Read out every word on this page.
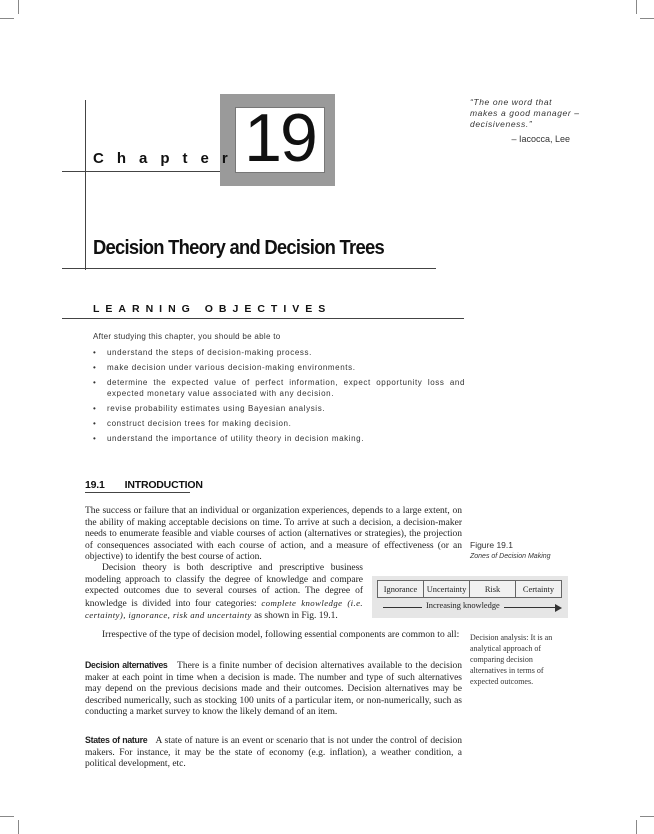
19
Chapter
“The one word that makes a good manager – decisiveness.”
– Iacocca, Lee
Decision Theory and Decision Trees
LEARNING OBJECTIVES
After studying this chapter, you should be able to
• understand the steps of decision-making process.
• make decision under various decision-making environments.
• determine the expected value of perfect information, expect opportunity loss and expected monetary value associated with any decision.
• revise probability estimates using Bayesian analysis.
• construct decision trees for making decision.
• understand the importance of utility theory in decision making.
19.1 INTRODUCTION

The success or failure that an individual or organization experiences, depends to a large extent, on the ability of making acceptable decisions on time. To arrive at such a decision, a decision-maker needs to enumerate feasible and viable courses of action (alternatives or strategies), the projection of consequences associated with each course of action, and a measure of effectiveness (or an objective) to identify the best course of action.

Decision theory is both descriptive and prescriptive business modeling approach to classify the degree of knowledge and compare expected outcomes due to several courses of action. The degree of knowledge is divided into four categories: complete knowledge (i.e. certainty), ignorance, risk and uncertainty as shown in Fig. 19.1.

Irrespective of the type of decision model, following essential components are common to all:

Decision alternatives There is a finite number of decision alternatives available to the decision maker at each point in time when a decision is made. The number and type of such alternatives may depend on the previous decisions made and their outcomes. Decision alternatives may be described numerically, such as stocking 100 units of a particular item, or non-numerically, such as conducting a market survey to know the likely demand of an item.

States of nature A state of nature is an event or scenario that is not under the control of decision makers. For instance, it may be the state of economy (e.g. inflation), a weather condition, a political development, etc.

Figure 19.1
Zones of Decision Making
Ignorance	Uncertainty	Risk	Certainty
Increasing knowledge
Decision analysis: It is an analytical approach of comparing decision alternatives in terms of expected outcomes.
